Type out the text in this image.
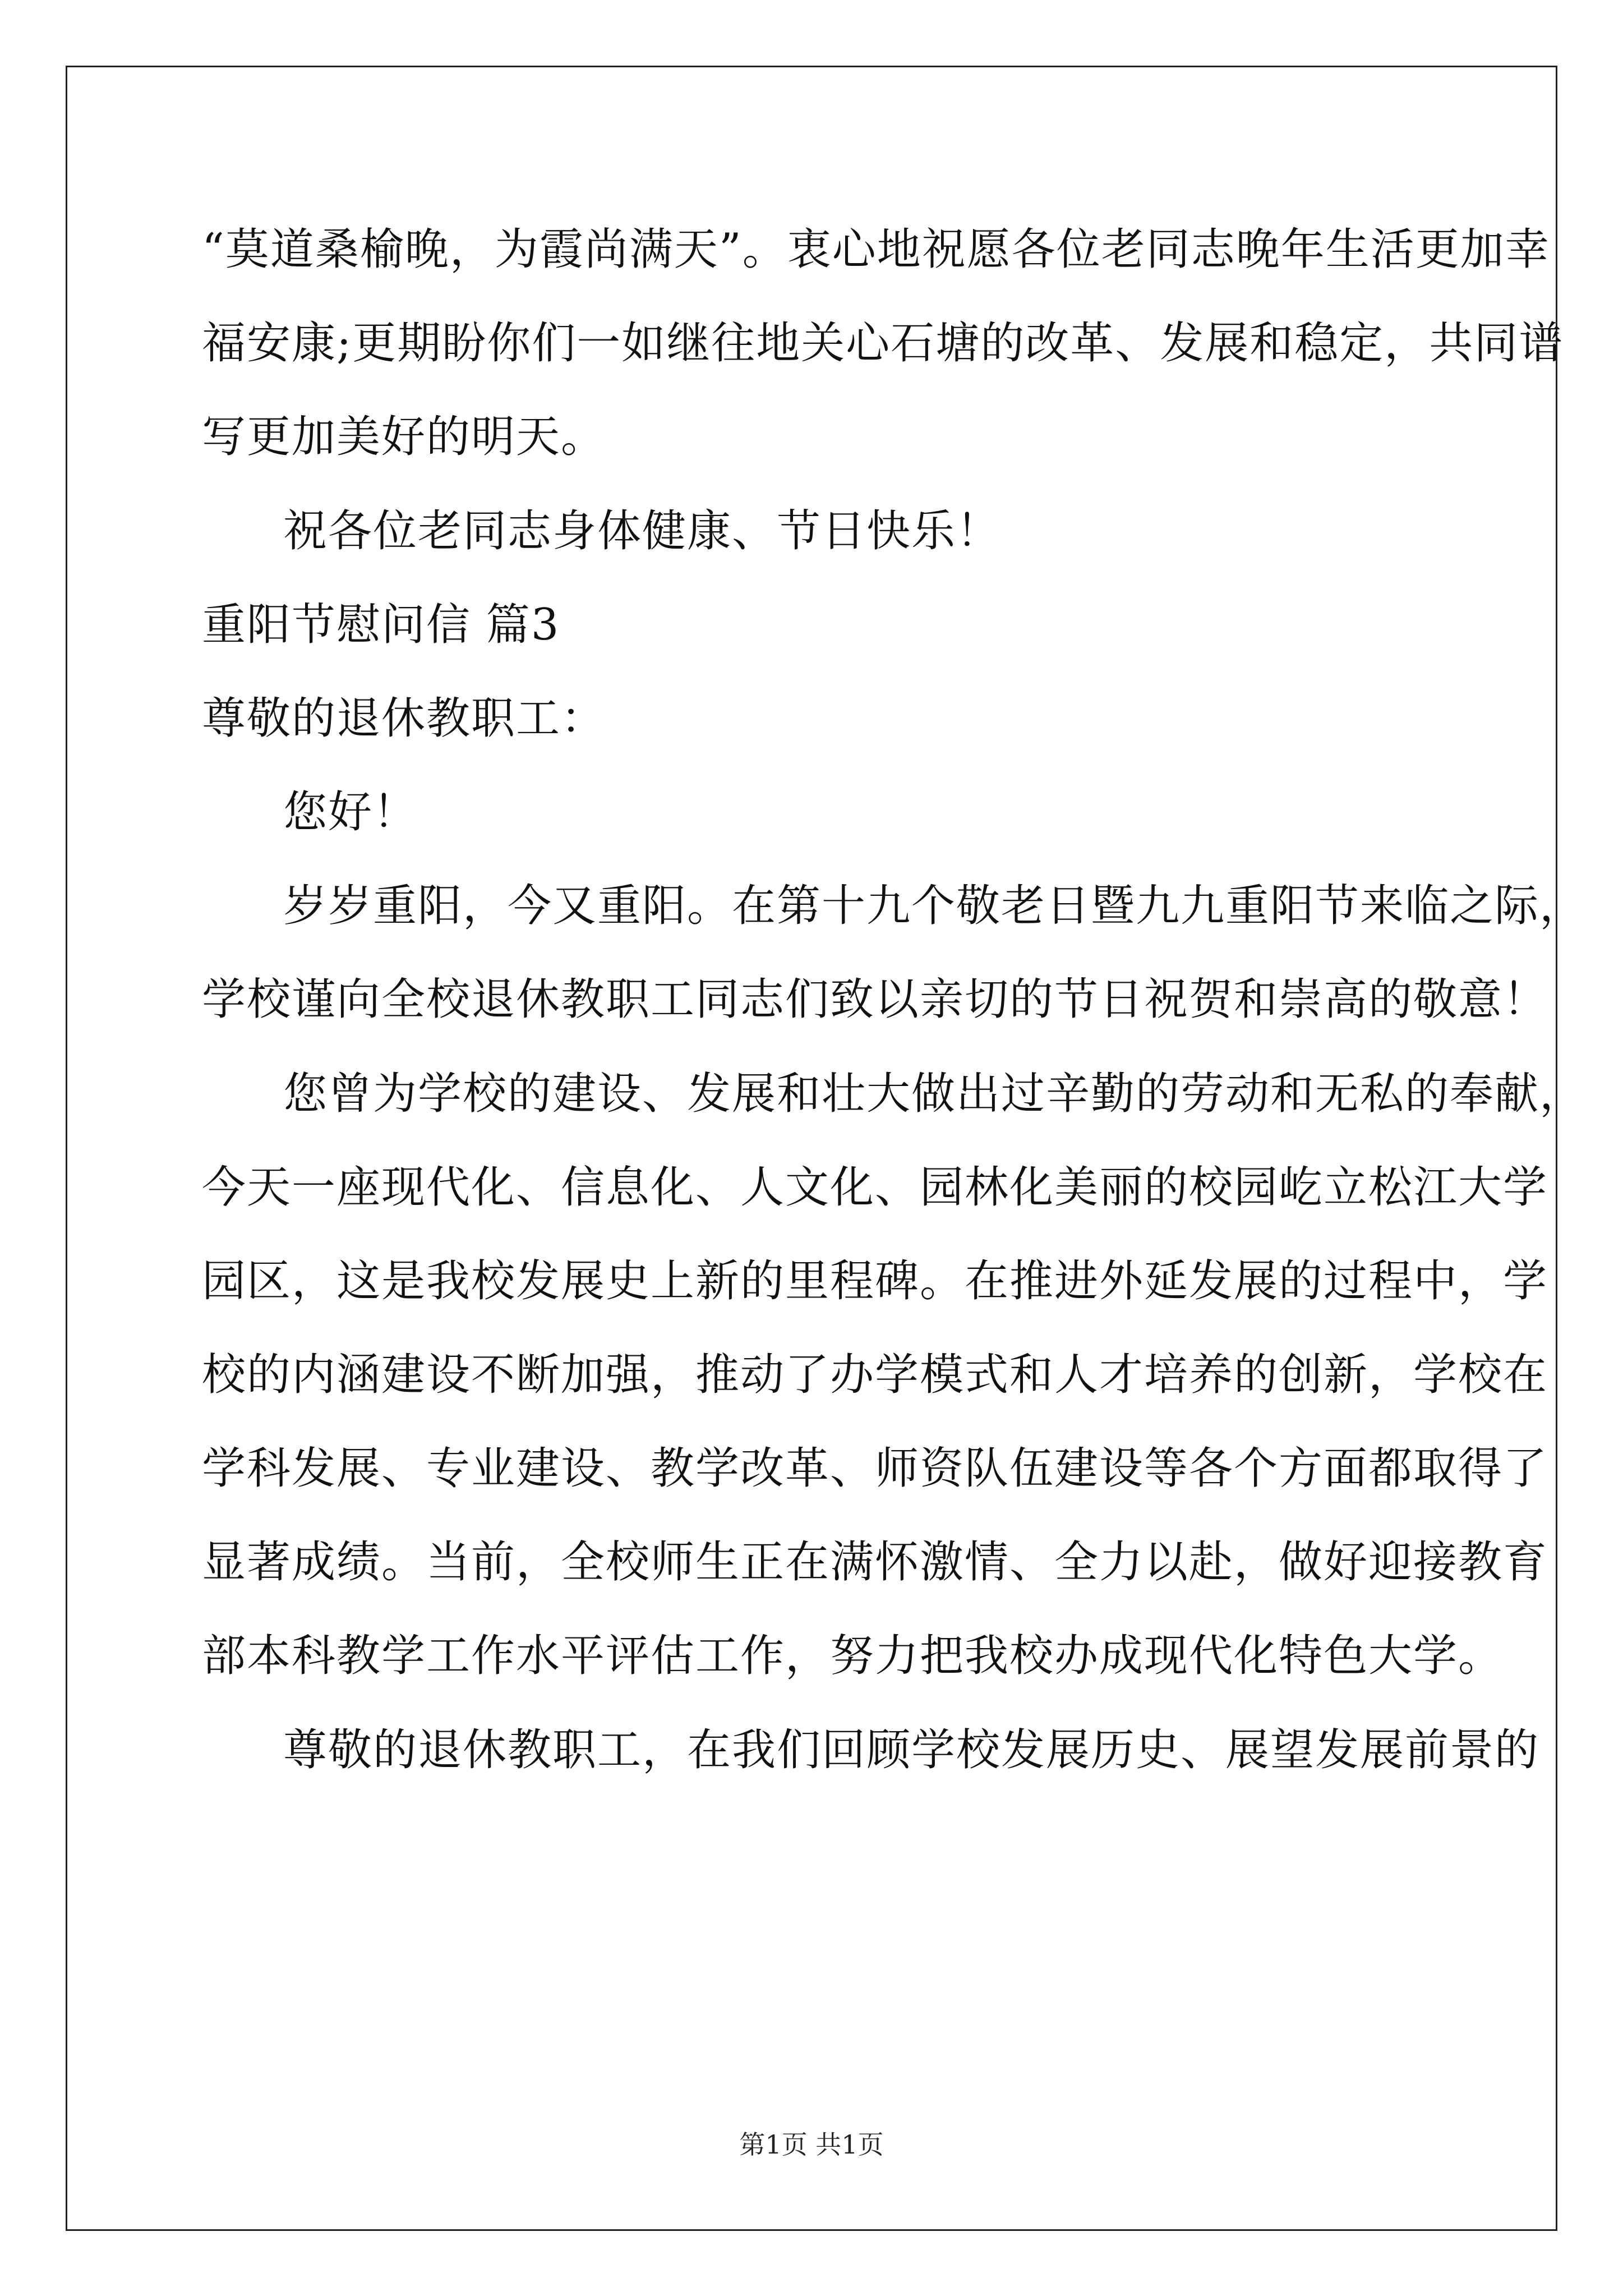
“莫道桑榆晚，为霞尚满天”。衷心地祝愿各位老同志晚年生活更加幸
福安康;更期盼你们一如继往地关心石塘的改革、发展和稳定，共同谱
写更加美好的明天。
祝各位老同志身体健康、节日快乐！
重阳节慰问信 篇3
尊敬的退休教职工：
您好！
岁岁重阳，今又重阳。在第十九个敬老日暨九九重阳节来临之际，
学校谨向全校退休教职工同志们致以亲切的节日祝贺和崇高的敬意！
您曾为学校的建设、发展和壮大做出过辛勤的劳动和无私的奉献，
今天一座现代化、信息化、人文化、园林化美丽的校园屹立松江大学
园区，这是我校发展史上新的里程碑。在推进外延发展的过程中，学
校的内涵建设不断加强，推动了办学模式和人才培养的创新，学校在
学科发展、专业建设、教学改革、师资队伍建设等各个方面都取得了
显著成绩。当前，全校师生正在满怀激情、全力以赴，做好迎接教育
部本科教学工作水平评估工作，努力把我校办成现代化特色大学。
尊敬的退休教职工，在我们回顾学校发展历史、展望发展前景的
第1页 共1页
